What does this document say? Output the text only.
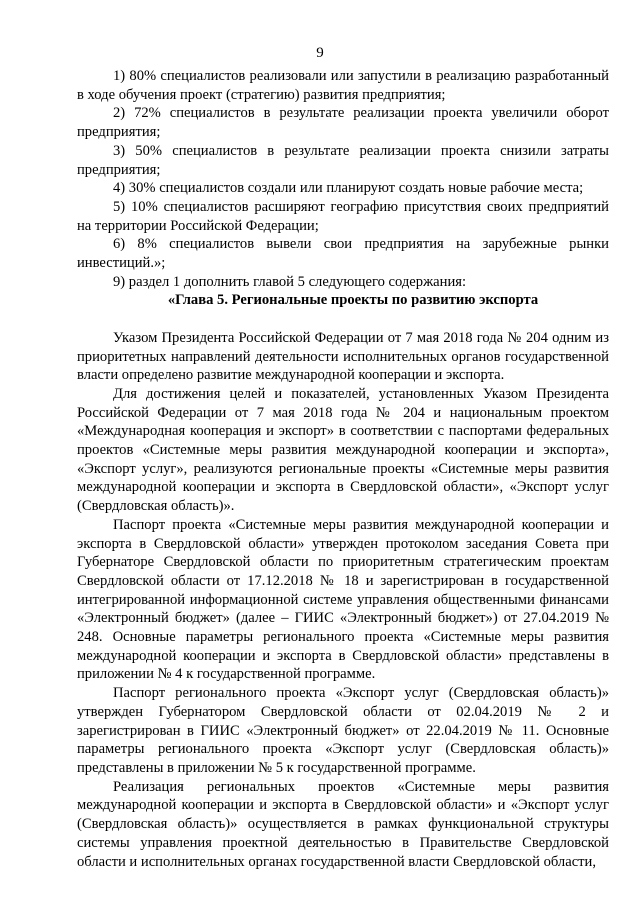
9

1) 80% специалистов реализовали или запустили в реализацию разработанный в ходе обучения проект (стратегию) развития предприятия;

2) 72% специалистов в результате реализации проекта увеличили оборот предприятия;

3) 50% специалистов в результате реализации проекта снизили затраты предприятия;

4) 30% специалистов создали или планируют создать новые рабочие места;

5) 10% специалистов расширяют географию присутствия своих предприятий на территории Российской Федерации;

6) 8% специалистов вывели свои предприятия на зарубежные рынки инвестиций.»;

9) раздел 1 дополнить главой 5 следующего содержания:

«Глава 5. Региональные проекты по развитию экспорта

Указом Президента Российской Федерации от 7 мая 2018 года № 204 одним из приоритетных направлений деятельности исполнительных органов государственной власти определено развитие международной кооперации и экспорта.

Для достижения целей и показателей, установленных Указом Президента Российской Федерации от 7 мая 2018 года № 204 и национальным проектом «Международная кооперация и экспорт» в соответствии с паспортами федеральных проектов «Системные меры развития международной кооперации и экспорта», «Экспорт услуг», реализуются региональные проекты «Системные меры развития международной кооперации и экспорта в Свердловской области», «Экспорт услуг (Свердловская область)».

Паспорт проекта «Системные меры развития международной кооперации и экспорта в Свердловской области» утвержден протоколом заседания Совета при Губернаторе Свердловской области по приоритетным стратегическим проектам Свердловской области от 17.12.2018 № 18 и зарегистрирован в государственной интегрированной информационной системе управления общественными финансами «Электронный бюджет» (далее – ГИИС «Электронный бюджет») от 27.04.2019 № 248. Основные параметры регионального проекта «Системные меры развития международной кооперации и экспорта в Свердловской области» представлены в приложении № 4 к государственной программе.

Паспорт регионального проекта «Экспорт услуг (Свердловская область)» утвержден Губернатором Свердловской области от 02.04.2019 № 2 и зарегистрирован в ГИИС «Электронный бюджет» от 22.04.2019 № 11. Основные параметры регионального проекта «Экспорт услуг (Свердловская область)» представлены в приложении № 5 к государственной программе.

Реализация региональных проектов «Системные меры развития международной кооперации и экспорта в Свердловской области» и «Экспорт услуг (Свердловская область)» осуществляется в рамках функциональной структуры системы управления проектной деятельностью в Правительстве Свердловской области и исполнительных органах государственной власти Свердловской области,
